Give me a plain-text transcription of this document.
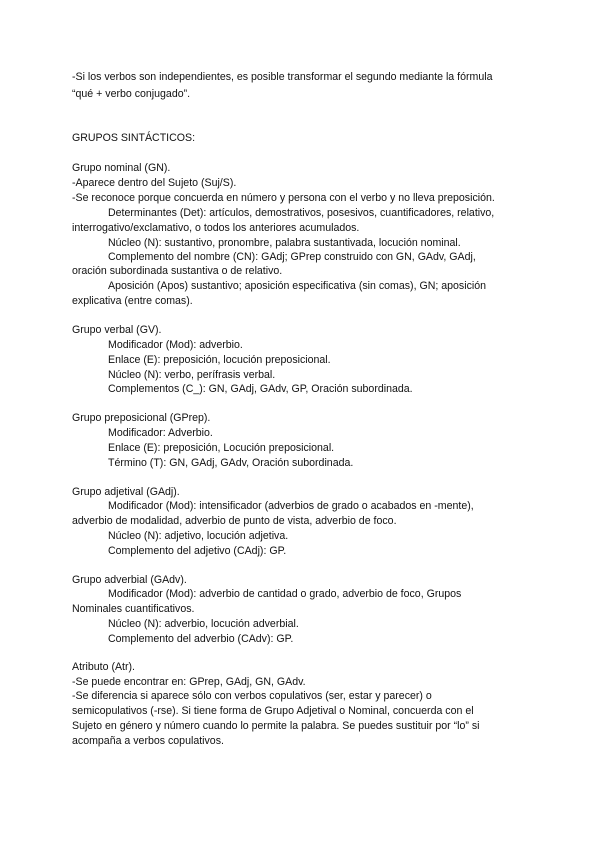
-Si los verbos son independientes, es posible transformar el segundo mediante la fórmula
“qué + verbo conjugado”.
GRUPOS SINTÁCTICOS:
Grupo nominal (GN).
-Aparece dentro del Sujeto (Suj/S).
-Se reconoce porque concuerda en número y persona con el verbo y no lleva preposición.
Determinantes (Det): artículos, demostrativos, posesivos, cuantificadores, relativo,
interrogativo/exclamativo, o todos los anteriores acumulados.
Núcleo (N): sustantivo, pronombre, palabra sustantivada, locución nominal.
Complemento del nombre (CN): GAdj; GPrep construido con GN, GAdv, GAdj,
oración subordinada sustantiva o de relativo.
Aposición (Apos) sustantivo; aposición especificativa (sin comas), GN; aposición
explicativa (entre comas).
Grupo verbal (GV).
Modificador (Mod): adverbio.
Enlace (E): preposición, locución preposicional.
Núcleo (N): verbo, perífrasis verbal.
Complementos (C_): GN, GAdj, GAdv, GP, Oración subordinada.
Grupo preposicional (GPrep).
Modificador: Adverbio.
Enlace (E): preposición, Locución preposicional.
Término (T): GN, GAdj, GAdv, Oración subordinada.
Grupo adjetival (GAdj).
Modificador (Mod): intensificador (adverbios de grado o acabados en -mente),
adverbio de modalidad, adverbio de punto de vista, adverbio de foco.
Núcleo (N): adjetivo, locución adjetiva.
Complemento del adjetivo (CAdj): GP.
Grupo adverbial (GAdv).
Modificador (Mod): adverbio de cantidad o grado, adverbio de foco, Grupos
Nominales cuantificativos.
Núcleo (N): adverbio, locución adverbial.
Complemento del adverbio (CAdv): GP.
Atributo (Atr).
-Se puede encontrar en: GPrep, GAdj, GN, GAdv.
-Se diferencia si aparece sólo con verbos copulativos (ser, estar y parecer) o
semicopulativos (-rse). Si tiene forma de Grupo Adjetival o Nominal, concuerda con el
Sujeto en género y número cuando lo permite la palabra. Se puedes sustituir por “lo” si
acompaña a verbos copulativos.
